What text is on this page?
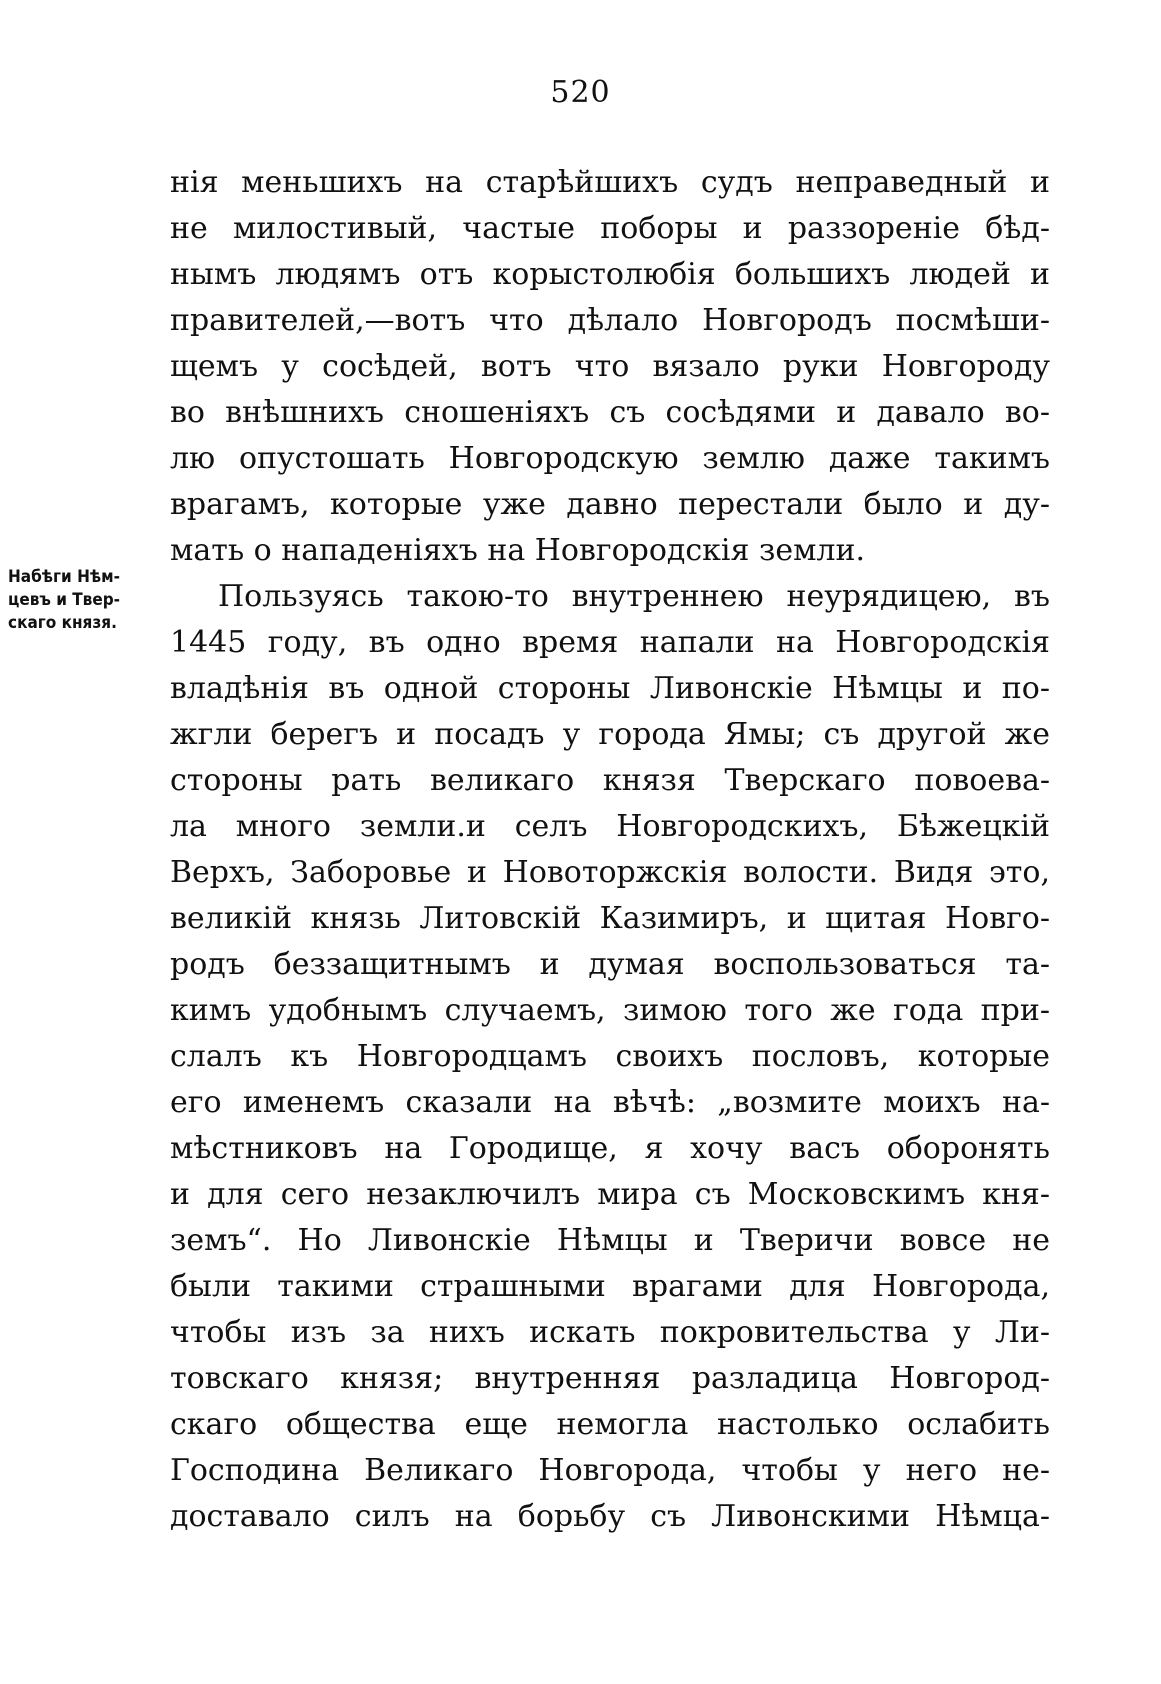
520
Набѣги Нѣм-
цевъ и Твер-
скаго князя.
нія меньшихъ на старѣйшихъ судъ неправедный и
не милостивый, частые поборы и раззореніе бѣд-
нымъ людямъ отъ корыстолюбія большихъ людей и
правителей,—вотъ что дѣлало Новгородъ посмѣши-
щемъ у сосѣдей, вотъ что вязало руки Новгороду
во внѣшнихъ сношеніяхъ съ сосѣдями и давало во-
лю опустошать Новгородскую землю даже такимъ
врагамъ, которые уже давно перестали было и ду-
мать о нападеніяхъ на Новгородскія земли.
Пользуясь такою-то внутреннею неурядицею, въ
1445 году, въ одно время напали на Новгородскія
владѣнія въ одной стороны Ливонскіе Нѣмцы и по-
жгли берегъ и посадъ у города Ямы; съ другой же
стороны рать великаго князя Тверскаго повоева-
ла много земли.и селъ Новгородскихъ, Бѣжецкій
Верхъ, Заборовье и Новоторжскія волости. Видя это,
великій князь Литовскій Казимиръ, и щитая Новго-
родъ беззащитнымъ и думая воспользоваться та-
кимъ удобнымъ случаемъ, зимою того же года при-
слалъ къ Новгородцамъ своихъ пословъ, которые
его именемъ сказали на вѣчѣ: „возмите моихъ на-
мѣстниковъ на Городище, я хочу васъ оборонять
и для сего незаключилъ мира съ Московскимъ кня-
земъ“. Но Ливонскіе Нѣмцы и Тверичи вовсе не
были такими страшными врагами для Новгорода,
чтобы изъ за нихъ искать покровительства у Ли-
товскаго князя; внутренняя разладица Новгород-
скаго общества еще немогла настолько ослабить
Господина Великаго Новгорода, чтобы у него не-
доставало силъ на борьбу съ Ливонскими Нѣмца-
